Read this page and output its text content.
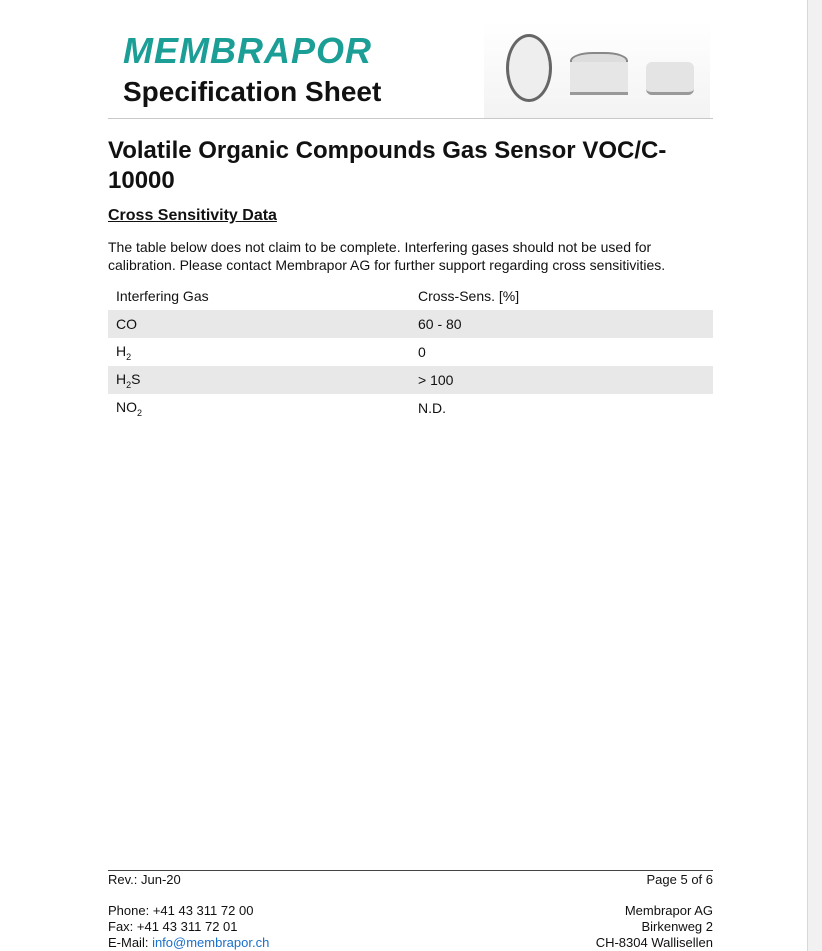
MEMBRAPOR
Specification Sheet
Volatile Organic Compounds Gas Sensor VOC/C-10000
Cross Sensitivity Data
The table below does not claim to be complete. Interfering gases should not be used for calibration. Please contact Membrapor AG for further support regarding cross sensitivities.
Interfering Gas	Cross-Sens. [%]
CO	60 - 80
$H_2$	0
$H_2S$	> 100
$NO_2$	N.D.
Rev.: Jun-20	Page 5 of 6
Phone: +41 43 311 72 00
Fax: +41 43 311 72 01
E-Mail: info@membrapor.ch
Membrapor AG
Birkenweg 2
CH-8304 Wallisellen
